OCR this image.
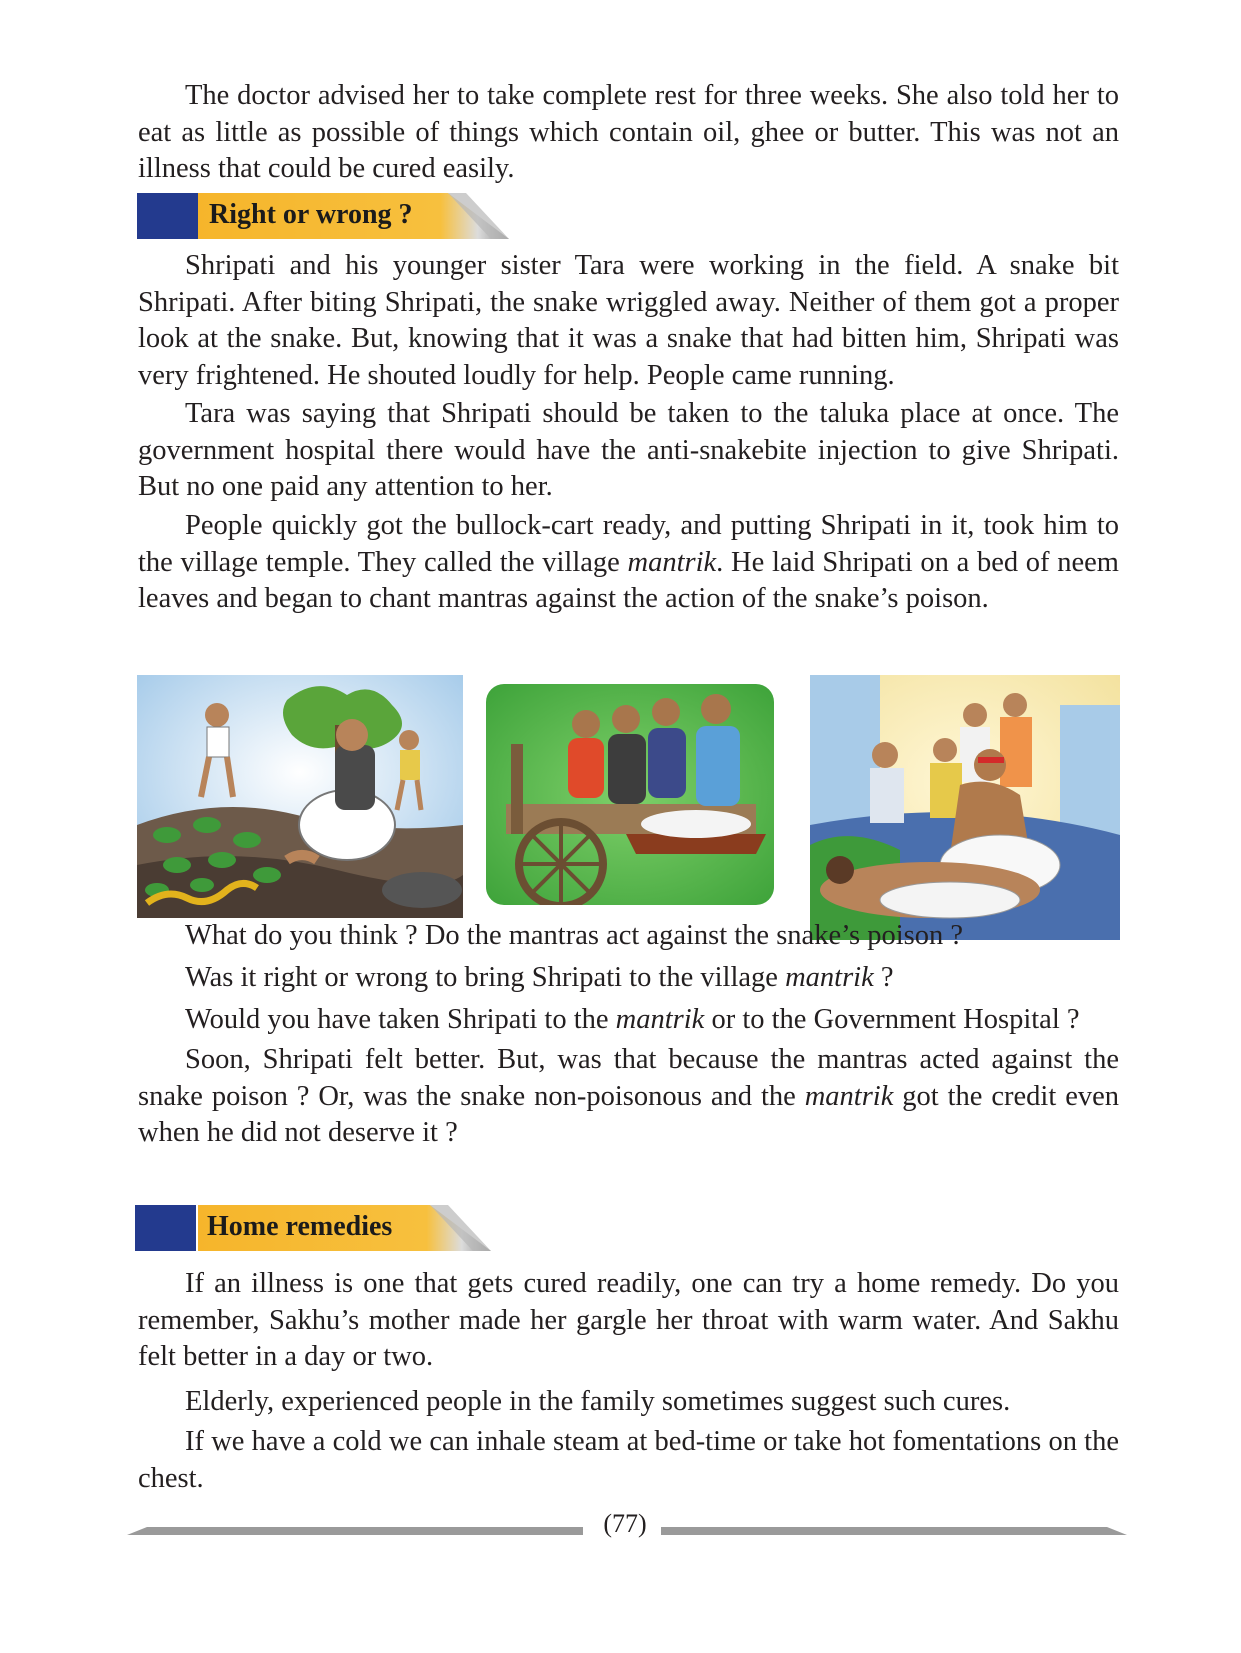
The doctor advised her to take complete rest for three weeks. She also told her to eat as little as possible of things which contain oil, ghee or butter. This was not an illness that could be cured easily.

Right or wrong ?

Shripati and his younger sister Tara were working in the field. A snake bit Shripati. After biting Shripati, the snake wriggled away. Neither of them got a proper look at the snake. But, knowing that it was a snake that had bitten him, Shripati was very frightened. He shouted loudly for help. People came running.

Tara was saying that Shripati should be taken to the taluka place at once. The government hospital there would have the anti-snakebite injection to give Shripati. But no one paid any attention to her.

People quickly got the bullock-cart ready, and putting Shripati in it, took him to the village temple. They called the village mantrik. He laid Shripati on a bed of neem leaves and began to chant mantras against the action of the snake’s poison.

What do you think ? Do the mantras act against the snake’s poison ?

Was it right or wrong to bring Shripati to the village mantrik ?

Would you have taken Shripati to the mantrik or to the Government Hospital ?

Soon, Shripati felt better. But, was that because the mantras acted against the snake poison ? Or, was the snake non-poisonous and the mantrik got the credit even when he did not deserve it ?

Home remedies

If an illness is one that gets cured readily, one can try a home remedy. Do you remember, Sakhu’s mother made her gargle her throat with warm water. And Sakhu felt better in a day or two.

Elderly, experienced people in the family sometimes suggest such cures.

If we have a cold we can inhale steam at bed-time or take hot fomentations on the chest.

(77)
